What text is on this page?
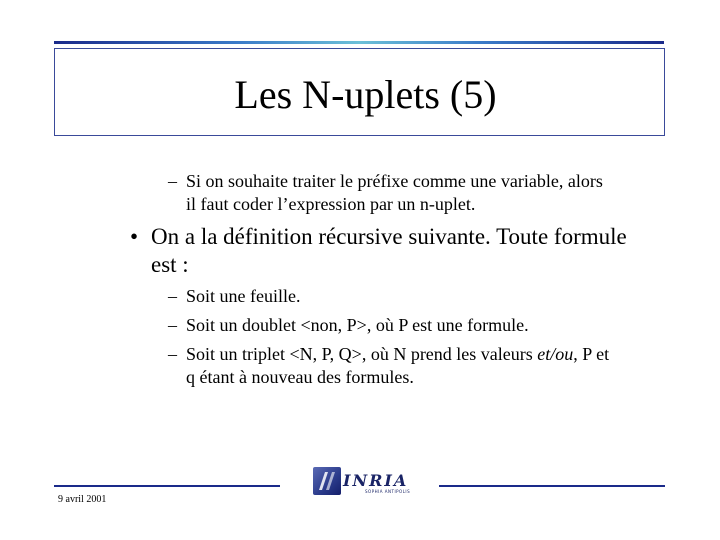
Les N-uplets (5)
– Si on souhaite traiter le préfixe comme une variable, alors
il faut coder l’expression par un n-uplet.
• On a la définition récursive suivante. Toute formule
est :
– Soit une feuille.
– Soit un doublet <non, P>, où P est une formule.
– Soit un triplet <N, P, Q>, où N prend les valeurs et/ou, P et
q étant à nouveau des formules.
INRIA
SOPHIA ANTIPOLIS
9 avril 2001
